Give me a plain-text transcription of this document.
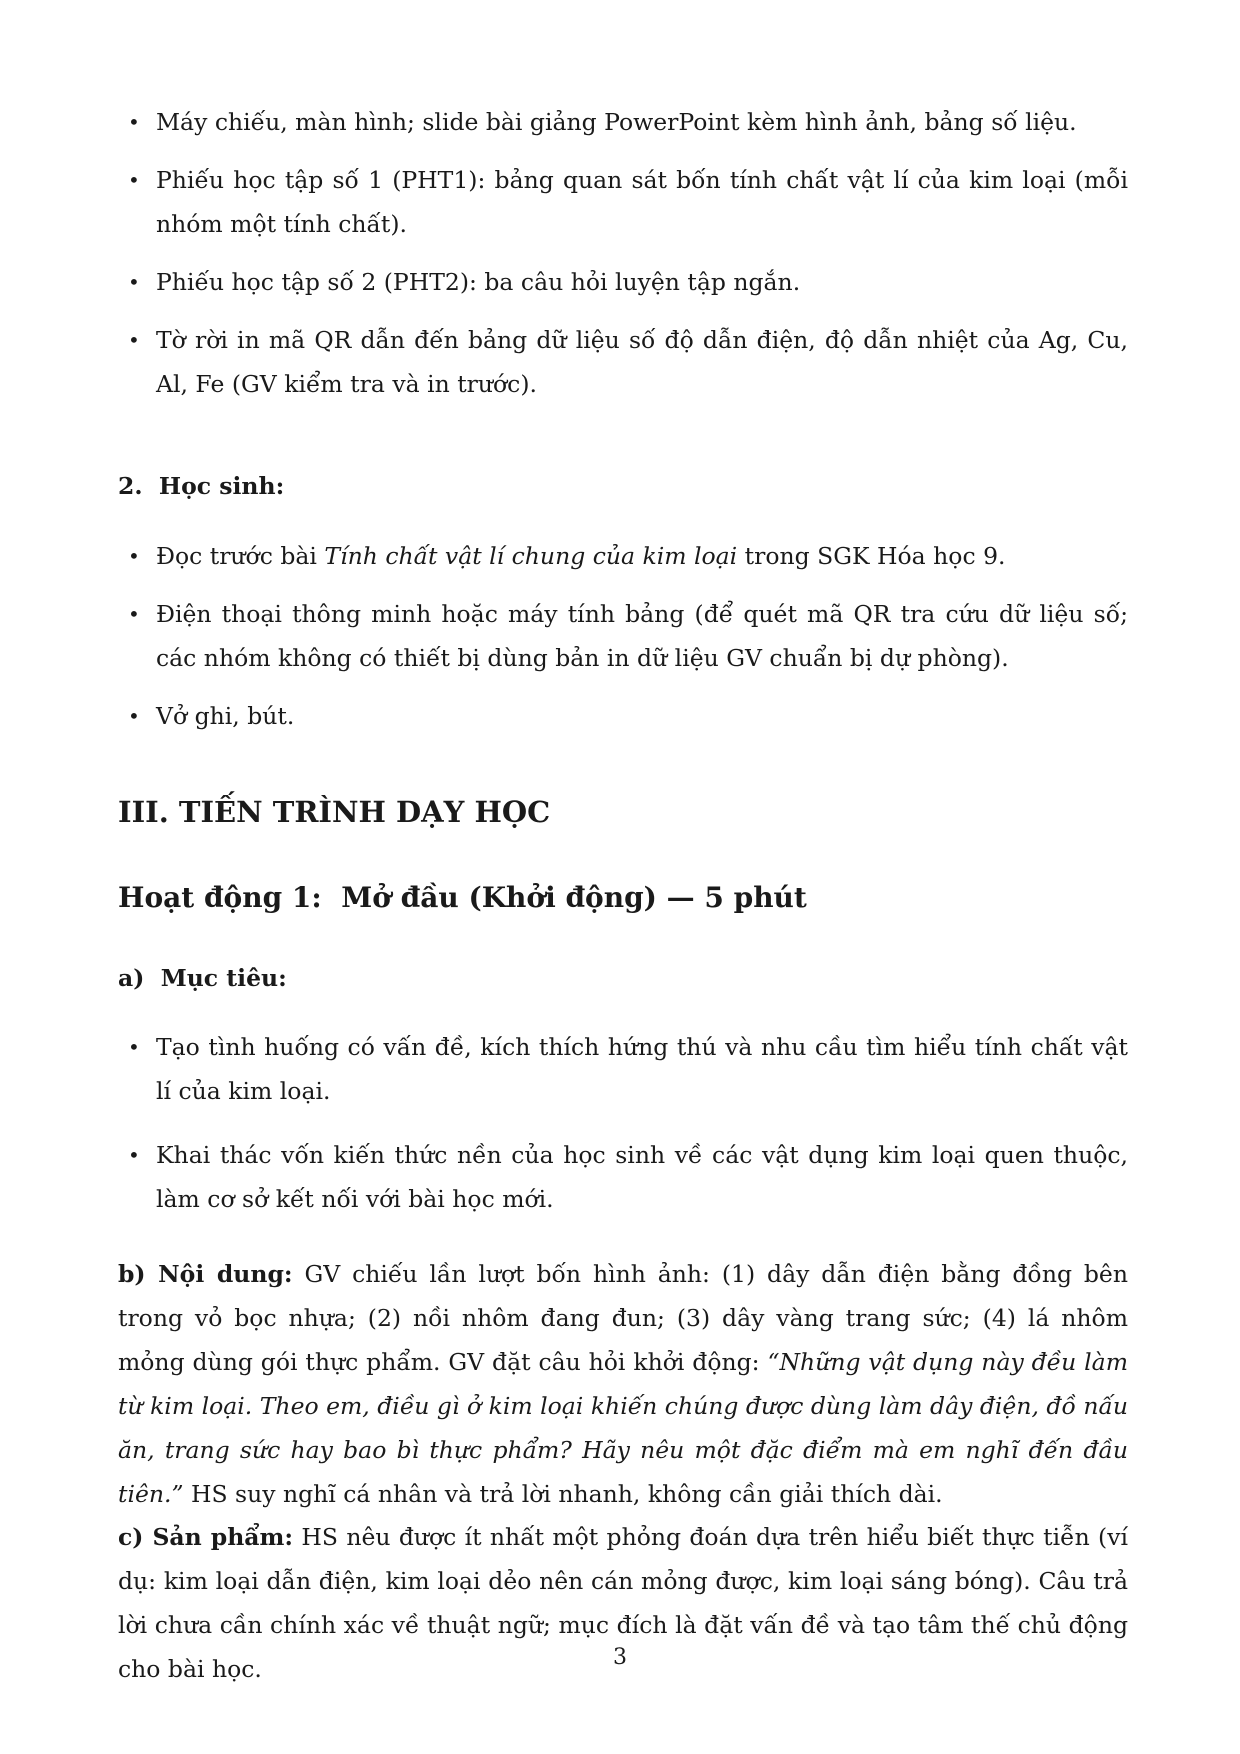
• Máy chiếu, màn hình; slide bài giảng PowerPoint kèm hình ảnh, bảng số liệu.
• Phiếu học tập số 1 (PHT1): bảng quan sát bốn tính chất vật lí của kim loại (mỗi nhóm một tính chất).
• Phiếu học tập số 2 (PHT2): ba câu hỏi luyện tập ngắn.
• Tờ rời in mã QR dẫn đến bảng dữ liệu số độ dẫn điện, độ dẫn nhiệt của Ag, Cu, Al, Fe (GV kiểm tra và in trước).
2.  Học sinh:
• Đọc trước bài Tính chất vật lí chung của kim loại trong SGK Hóa học 9.
• Điện thoại thông minh hoặc máy tính bảng (để quét mã QR tra cứu dữ liệu số; các nhóm không có thiết bị dùng bản in dữ liệu GV chuẩn bị dự phòng).
• Vở ghi, bút.
III. TIẾN TRÌNH DẠY HỌC
Hoạt động 1:  Mở đầu (Khởi động) — 5 phút
a)  Mục tiêu:
• Tạo tình huống có vấn đề, kích thích hứng thú và nhu cầu tìm hiểu tính chất vật lí của kim loại.
• Khai thác vốn kiến thức nền của học sinh về các vật dụng kim loại quen thuộc, làm cơ sở kết nối với bài học mới.

b) Nội dung: GV chiếu lần lượt bốn hình ảnh: (1) dây dẫn điện bằng đồng bên trong vỏ bọc nhựa; (2) nồi nhôm đang đun; (3) dây vàng trang sức; (4) lá nhôm mỏng dùng gói thực phẩm. GV đặt câu hỏi khởi động: “Những vật dụng này đều làm từ kim loại. Theo em, điều gì ở kim loại khiến chúng được dùng làm dây điện, đồ nấu ăn, trang sức hay bao bì thực phẩm? Hãy nêu một đặc điểm mà em nghĩ đến đầu tiên.” HS suy nghĩ cá nhân và trả lời nhanh, không cần giải thích dài.

c) Sản phẩm: HS nêu được ít nhất một phỏng đoán dựa trên hiểu biết thực tiễn (ví dụ: kim loại dẫn điện, kim loại dẻo nên cán mỏng được, kim loại sáng bóng). Câu trả lời chưa cần chính xác về thuật ngữ; mục đích là đặt vấn đề và tạo tâm thế chủ động cho bài học.	3
